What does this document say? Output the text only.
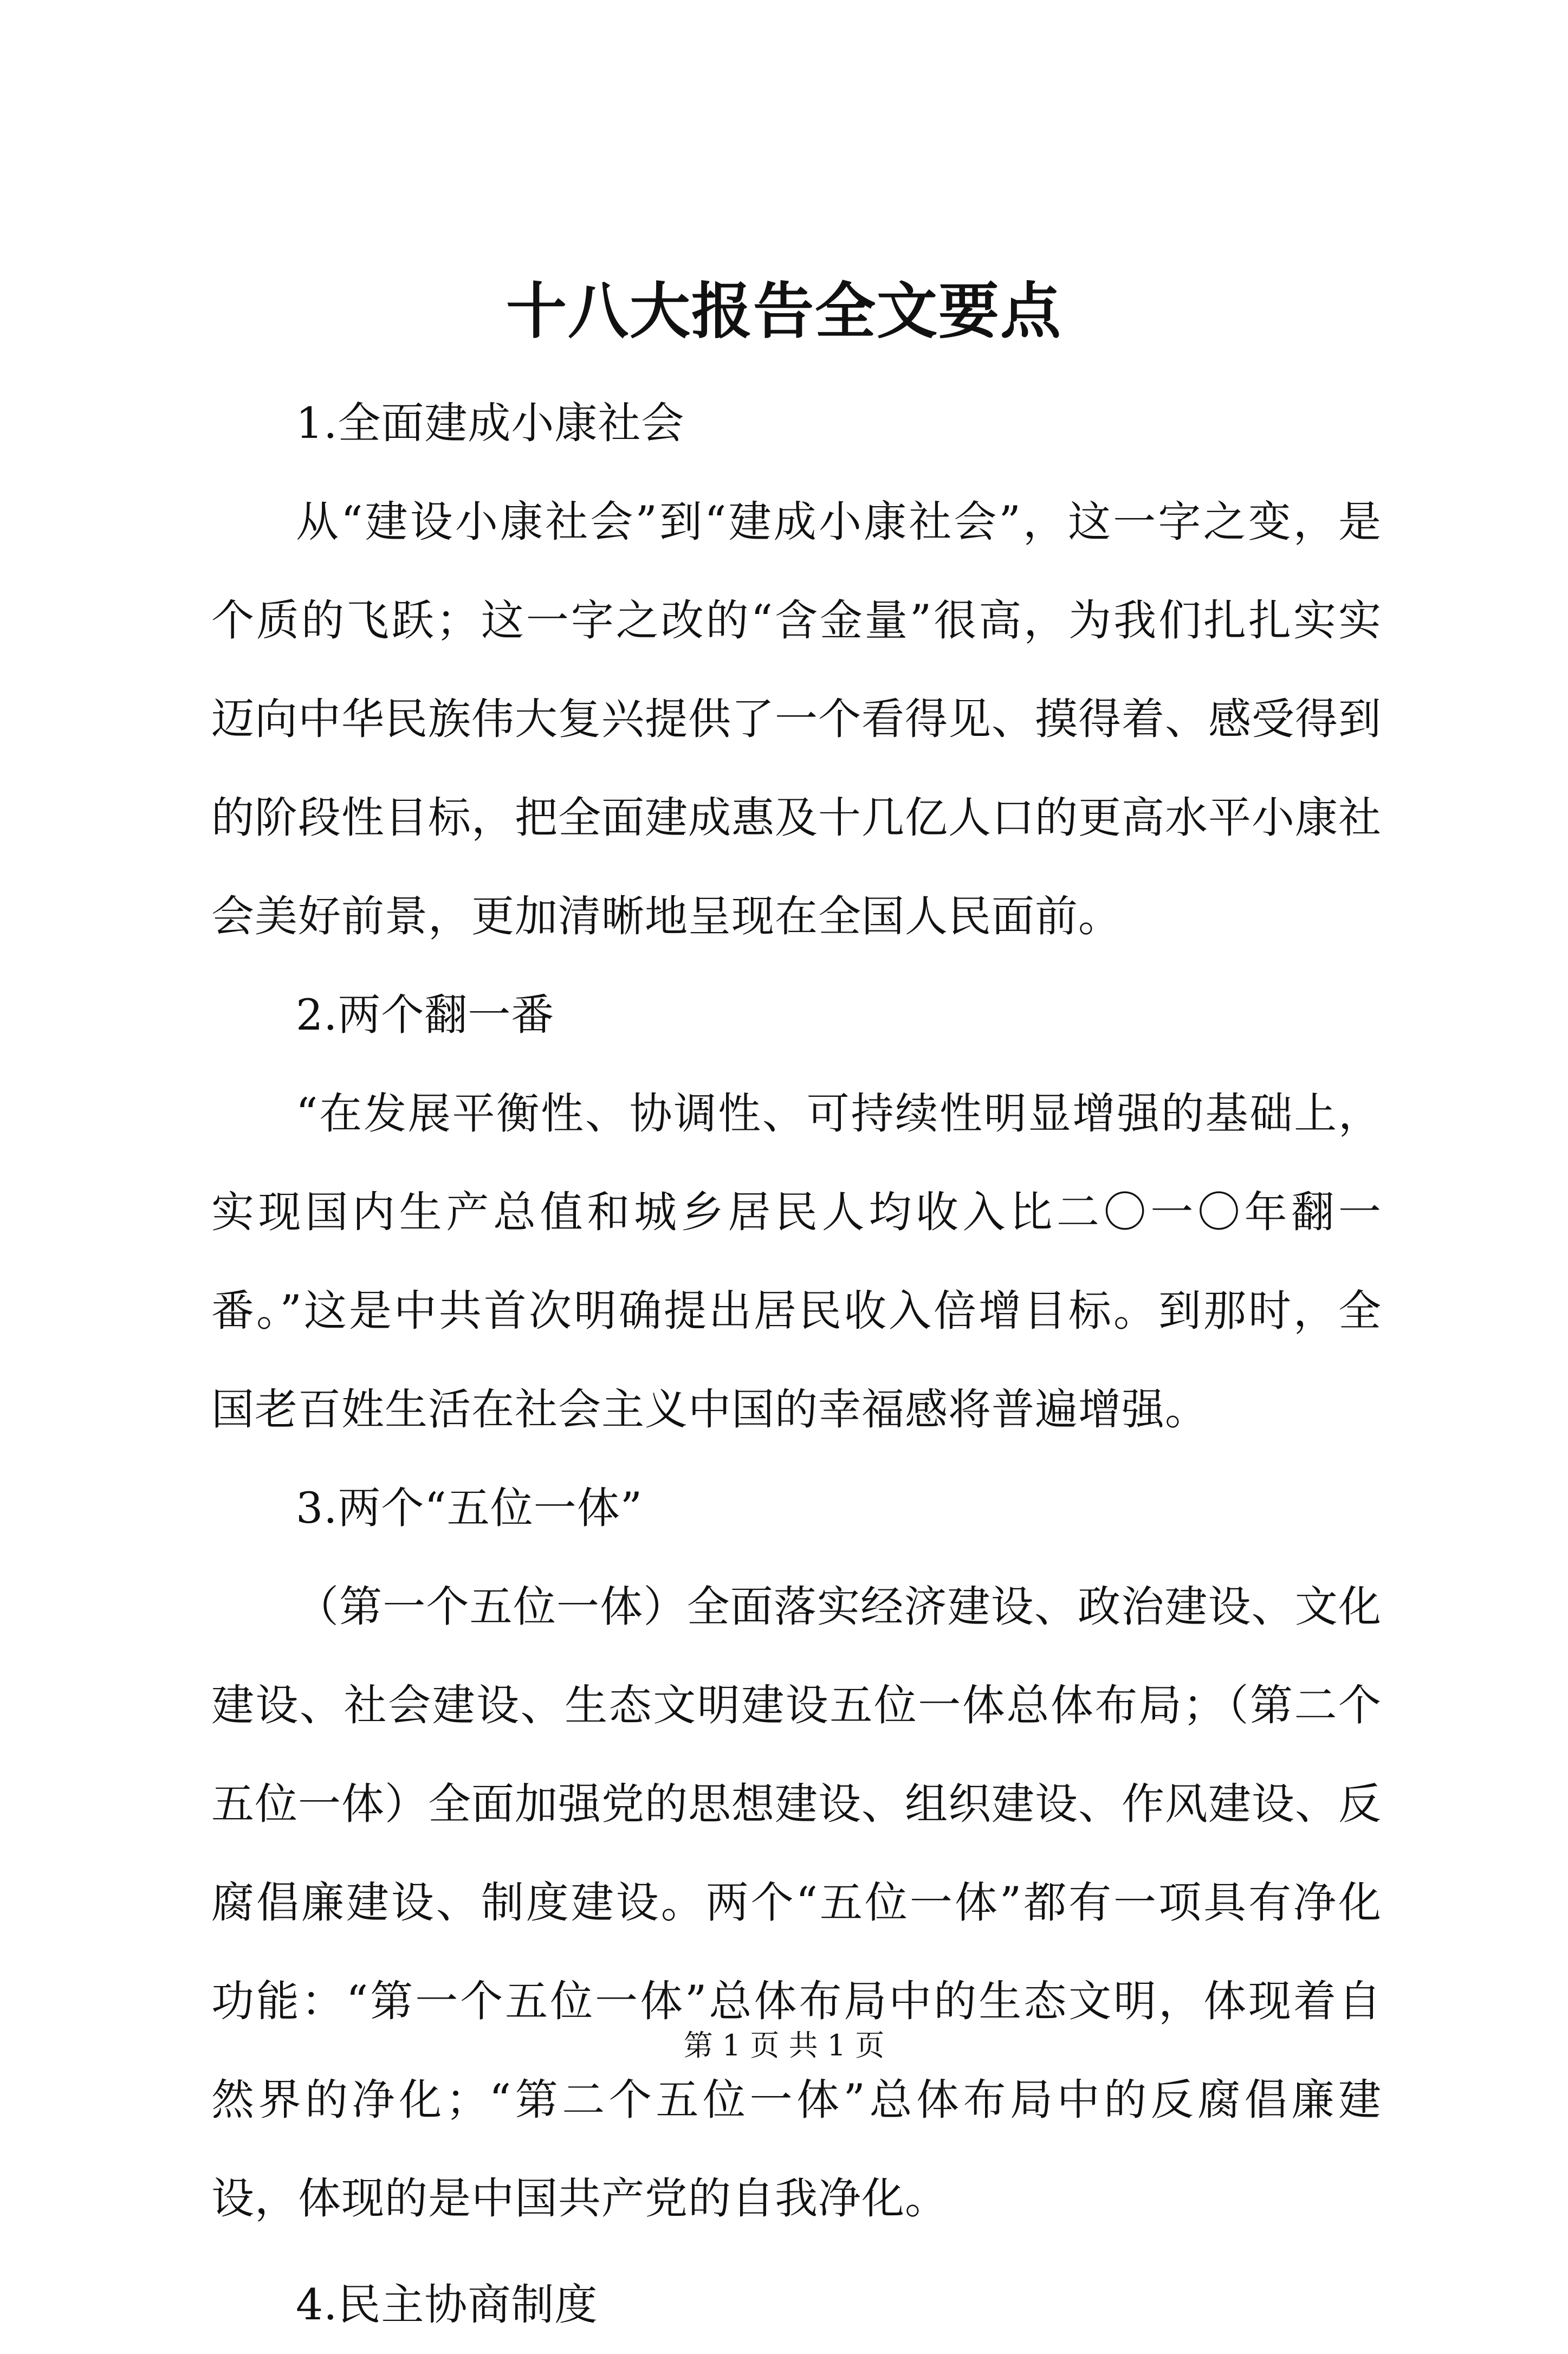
十八大报告全文要点

1.全面建成小康社会

从“建设小康社会”到“建成小康社会”，这一字之变，是个质的飞跃；这一字之改的“含金量”很高，为我们扎扎实实迈向中华民族伟大复兴提供了一个看得见、摸得着、感受得到的阶段性目标，把全面建成惠及十几亿人口的更高水平小康社会美好前景，更加清晰地呈现在全国人民面前。

2.两个翻一番

“在发展平衡性、协调性、可持续性明显增强的基础上，实现国内生产总值和城乡居民人均收入比二〇一〇年翻一番。”这是中共首次明确提出居民收入倍增目标。到那时，全国老百姓生活在社会主义中国的幸福感将普遍增强。

3.两个“五位一体”

（第一个五位一体）全面落实经济建设、政治建设、文化建设、社会建设、生态文明建设五位一体总体布局；（第二个五位一体）全面加强党的思想建设、组织建设、作风建设、反腐倡廉建设、制度建设。两个“五位一体”都有一项具有净化功能：“第一个五位一体”总体布局中的生态文明，体现着自然界的净化；“第二个五位一体”总体布局中的反腐倡廉建设，体现的是中国共产党的自我净化。

4.民主协商制度

第 1 页 共 1 页
